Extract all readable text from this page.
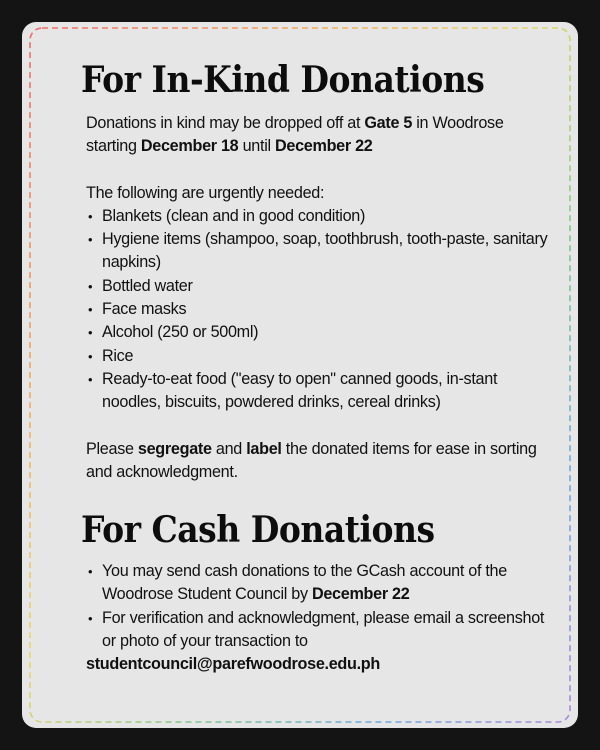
For In-Kind Donations

Donations in kind may be dropped off at Gate 5 in Woodrose starting December 18 until December 22

The following are urgently needed:

• Blankets (clean and in good condition)
• Hygiene items (shampoo, soap, toothbrush, tooth-paste, sanitary napkins)
• Bottled water
• Face masks
• Alcohol (250 or 500ml)
• Rice
• Ready-to-eat food ("easy to open" canned goods, in-stant noodles, biscuits, powdered drinks, cereal drinks)

Please segregate and label the donated items for ease in sorting and acknowledgment.

For Cash Donations
• You may send cash donations to the GCash account of the Woodrose Student Council by December 22
• For verification and acknowledgment, please email a screenshot or photo of your transaction to

studentcouncil@parefwoodrose.edu.ph
